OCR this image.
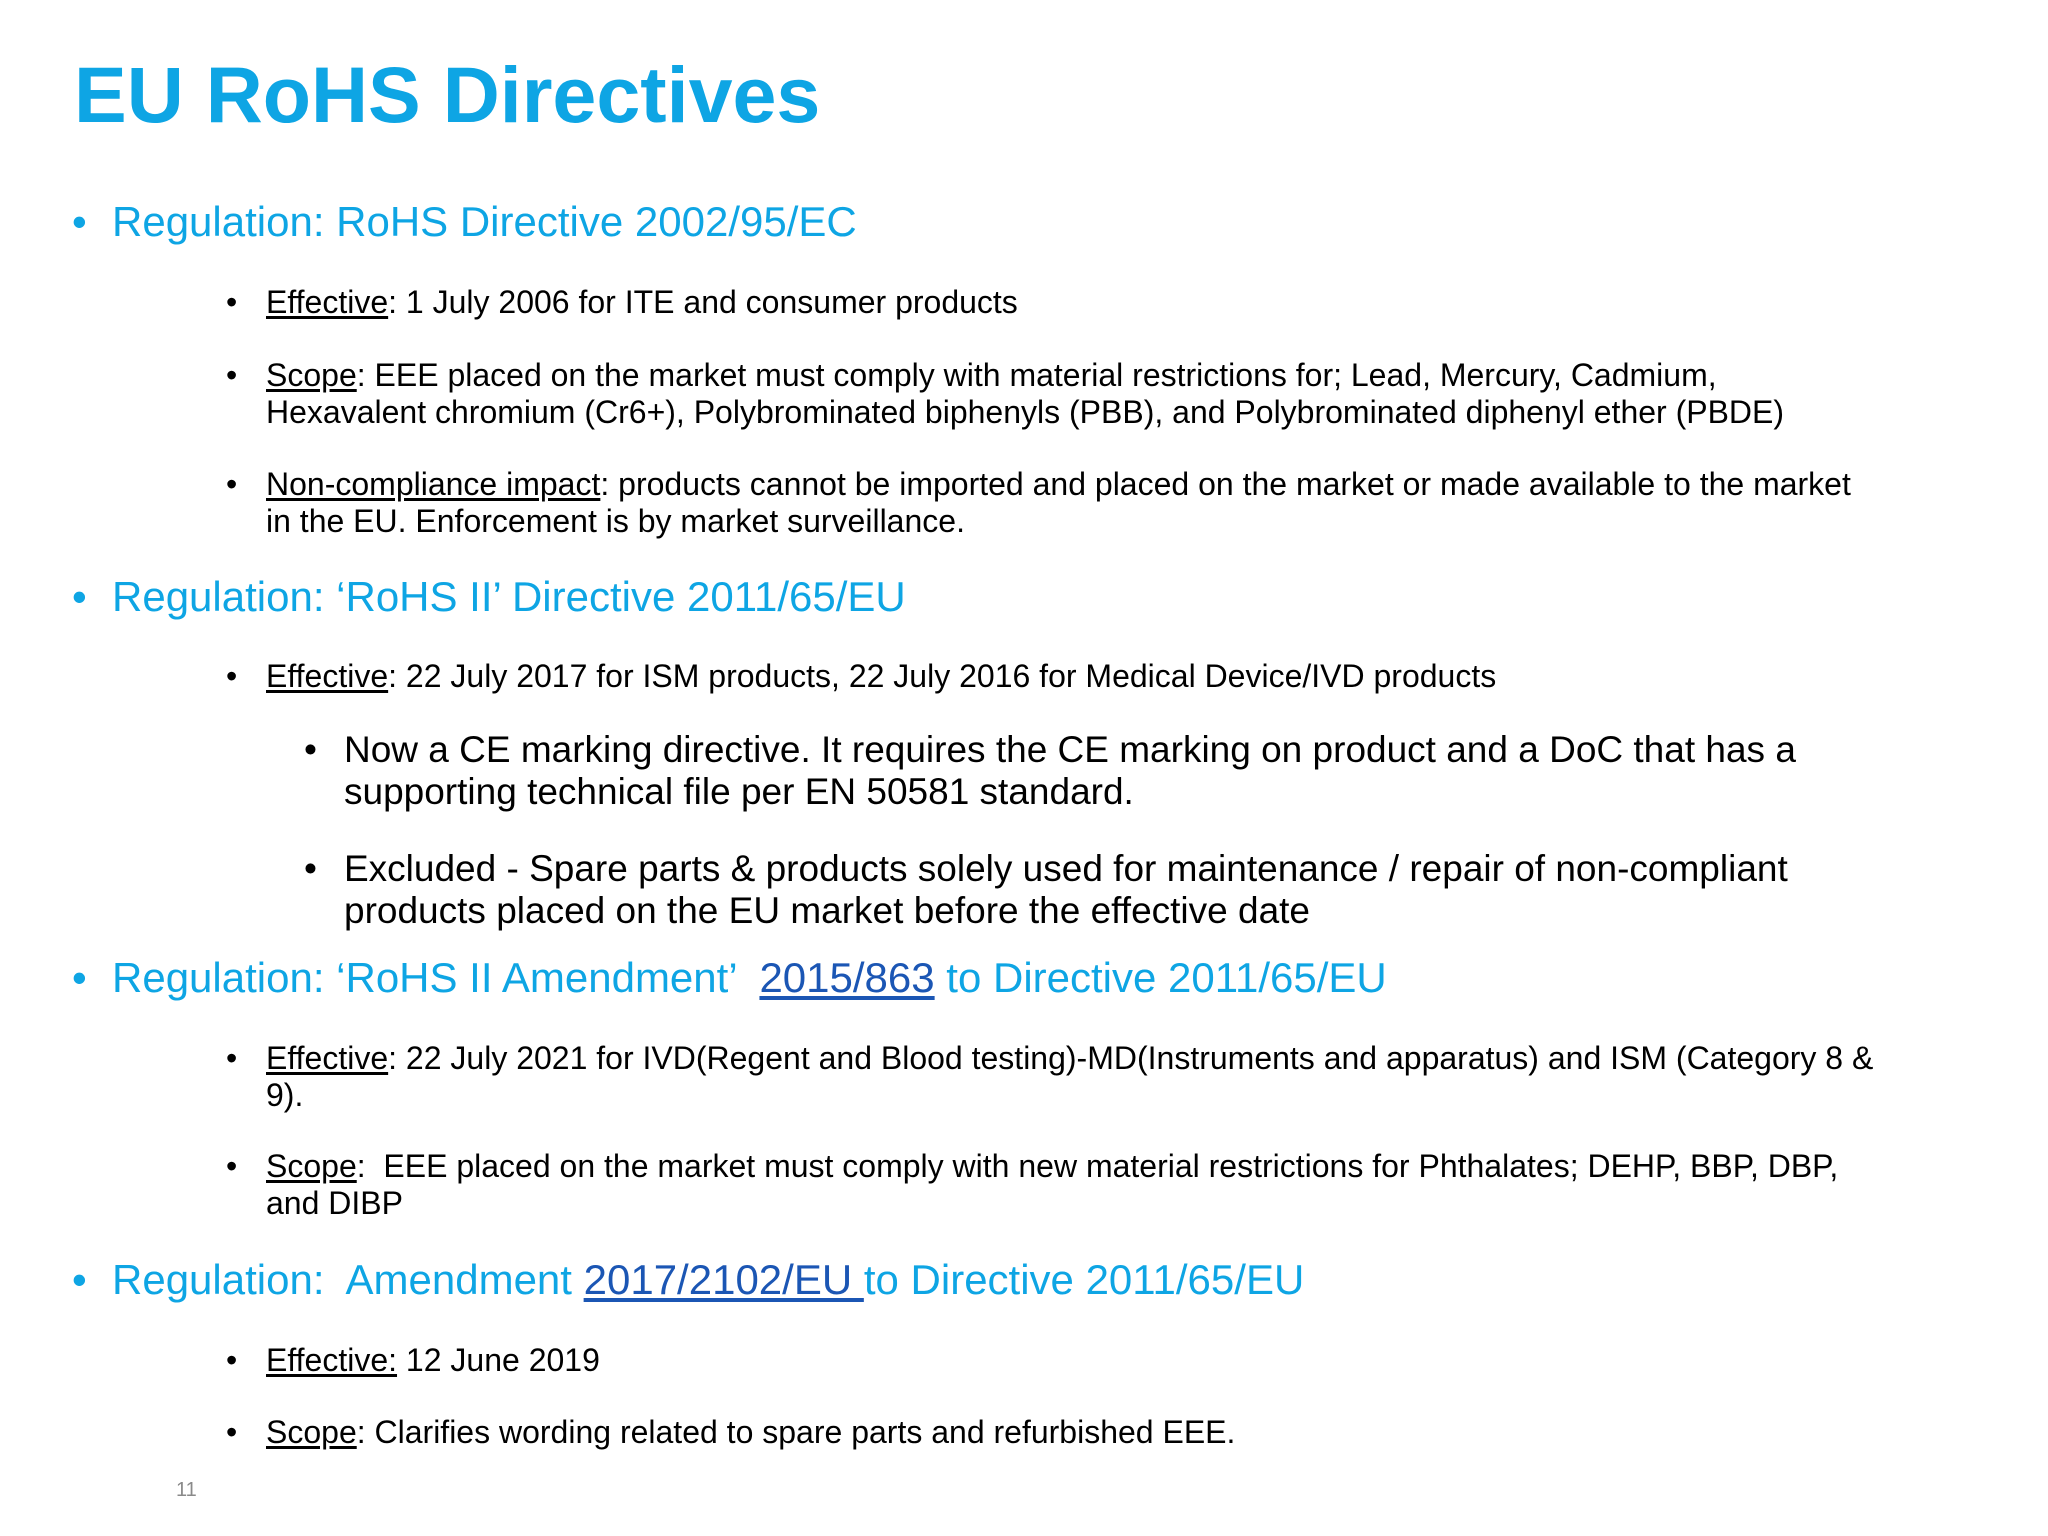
EU RoHS Directives
• Regulation: RoHS Directive 2002/95/EC
• Effective: 1 July 2006 for ITE and consumer products
• Scope: EEE placed on the market must comply with material restrictions for; Lead, Mercury, Cadmium,
Hexavalent chromium (Cr6+), Polybrominated biphenyls (PBB), and Polybrominated diphenyl ether (PBDE)
• Non-compliance impact: products cannot be imported and placed on the market or made available to the market
in the EU. Enforcement is by market surveillance.
• Regulation: ‘RoHS II’ Directive 2011/65/EU
• Effective: 22 July 2017 for ISM products, 22 July 2016 for Medical Device/IVD products
• Now a CE marking directive. It requires the CE marking on product and a DoC that has a
supporting technical file per EN 50581 standard.
• Excluded - Spare parts & products solely used for maintenance / repair of non-compliant
products placed on the EU market before the effective date
• Regulation: ‘RoHS II Amendment’  2015/863 to Directive 2011/65/EU
• Effective: 22 July 2021 for IVD(Regent and Blood testing)-MD(Instruments and apparatus) and ISM (Category 8 &
9).
• Scope:  EEE placed on the market must comply with new material restrictions for Phthalates; DEHP, BBP, DBP,
and DIBP
• Regulation:  Amendment 2017/2102/EU to Directive 2011/65/EU
• Effective: 12 June 2019
• Scope: Clarifies wording related to spare parts and refurbished EEE.
11
